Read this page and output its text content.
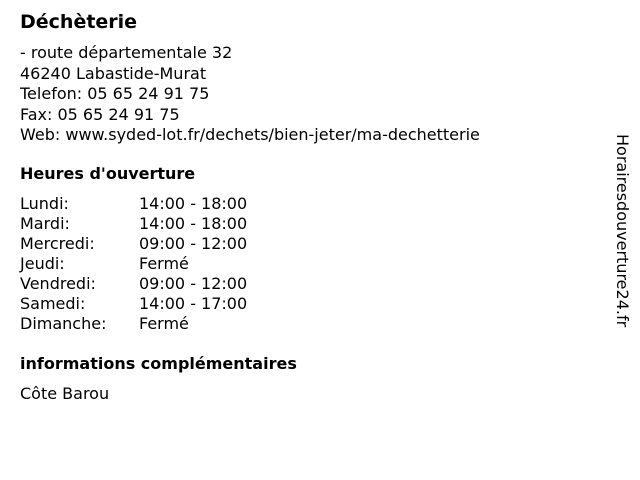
Déchèterie
- route départementale 32
46240 Labastide-Murat
Telefon: 05 65 24 91 75
Fax: 05 65 24 91 75
Web: www.syded-lot.fr/dechets/bien-jeter/ma-dechetterie
Heures d'ouverture
Lundi:	14:00 - 18:00
Mardi:	14:00 - 18:00
Mercredi:	09:00 - 12:00
Jeudi:	Fermé
Vendredi:	09:00 - 12:00
Samedi:	14:00 - 17:00
Dimanche:	Fermé
informations complémentaires
Côte Barou
Horairesdouverture24.fr
